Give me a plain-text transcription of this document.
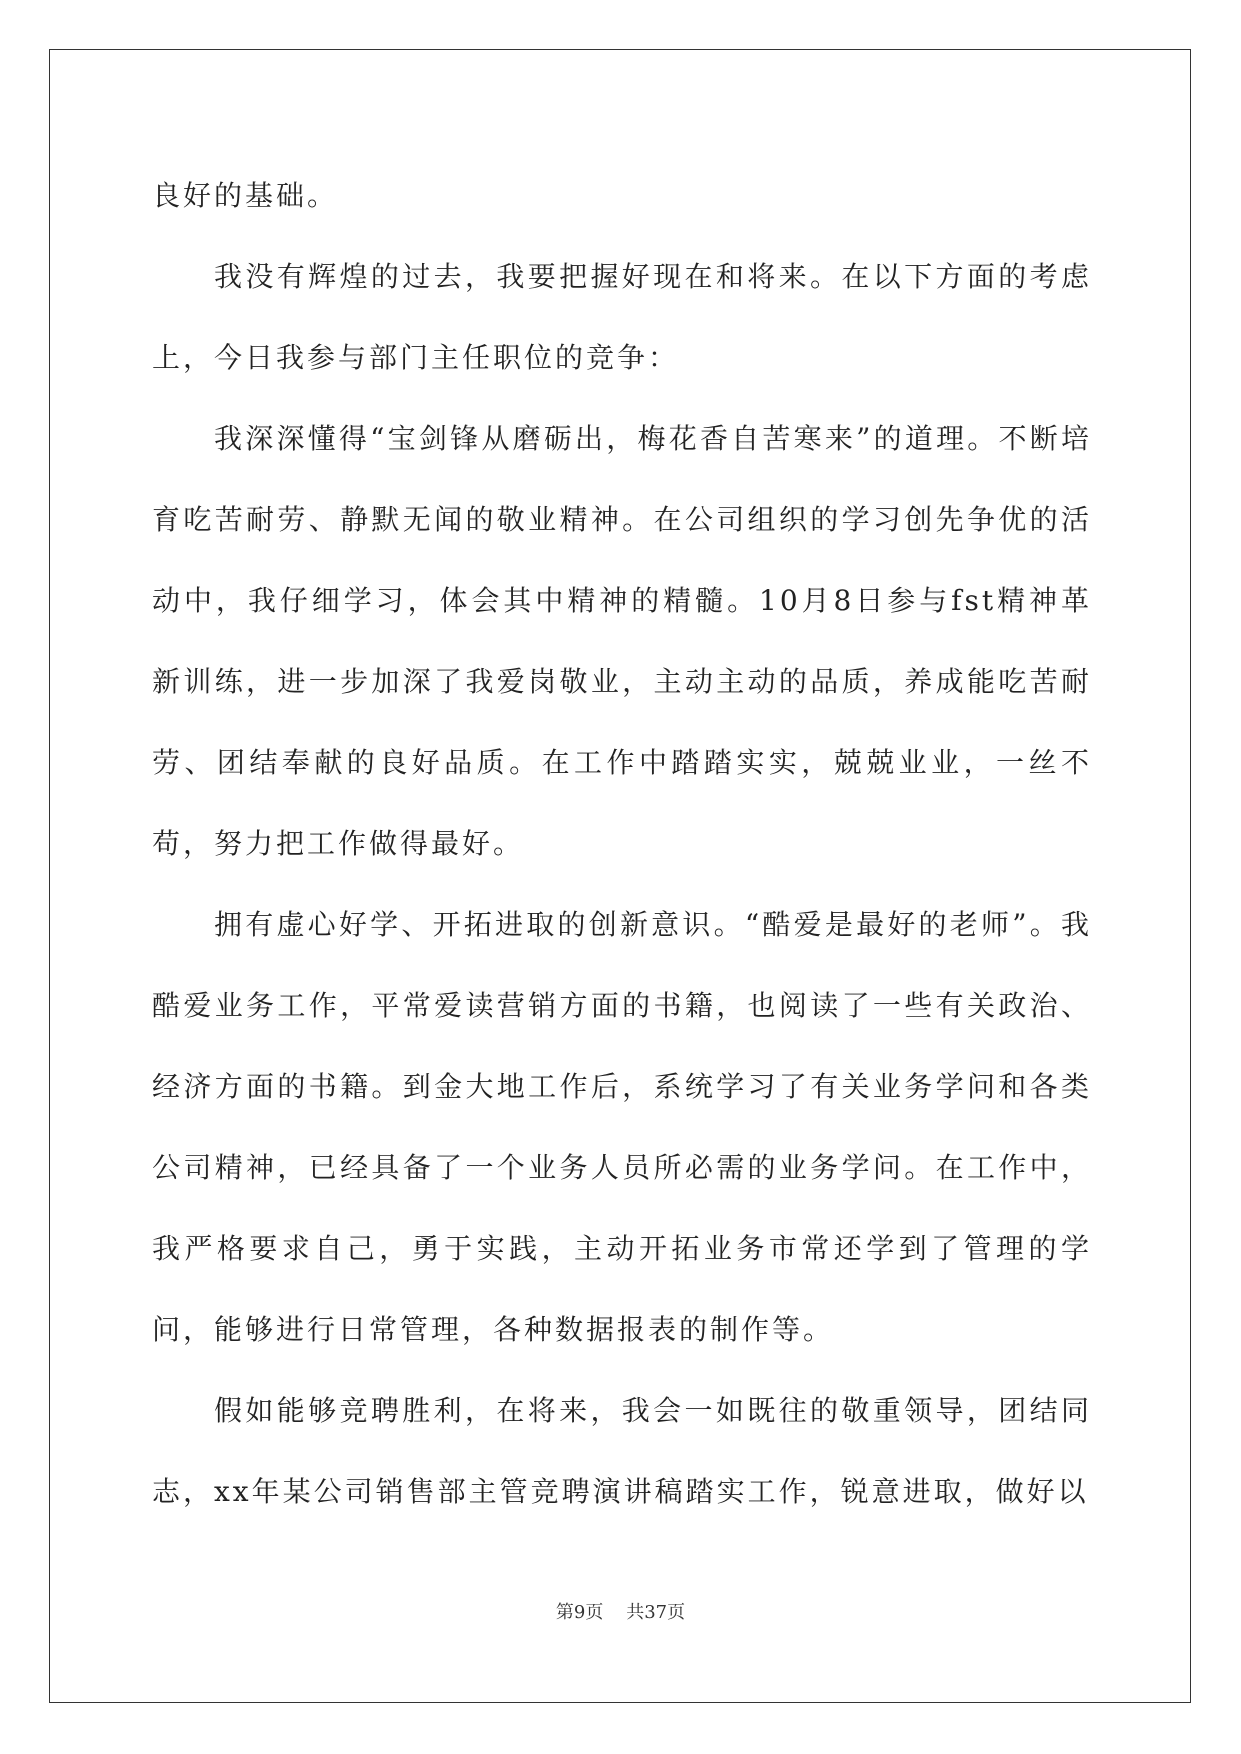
良好的基础。

我没有辉煌的过去，我要把握好现在和将来。在以下方面的考虑上，今日我参与部门主任职位的竞争：

我深深懂得“宝剑锋从磨砺出，梅花香自苦寒来”的道理。不断培育吃苦耐劳、静默无闻的敬业精神。在公司组织的学习创先争优的活动中，我仔细学习，体会其中精神的精髓。10月8日参与fst精神革新训练，进一步加深了我爱岗敬业，主动主动的品质，养成能吃苦耐劳、团结奉献的良好品质。在工作中踏踏实实，兢兢业业，一丝不苟，努力把工作做得最好。

拥有虚心好学、开拓进取的创新意识。“酷爱是最好的老师”。我酷爱业务工作，平常爱读营销方面的书籍，也阅读了一些有关政治、经济方面的书籍。到金大地工作后，系统学习了有关业务学问和各类公司精神，已经具备了一个业务人员所必需的业务学问。在工作中，我严格要求自己，勇于实践，主动开拓业务市常还学到了管理的学问，能够进行日常管理，各种数据报表的制作等。

假如能够竞聘胜利，在将来，我会一如既往的敬重领导，团结同志，xx年某公司销售部主管竞聘演讲稿踏实工作，锐意进取，做好以

第9页    共37页
